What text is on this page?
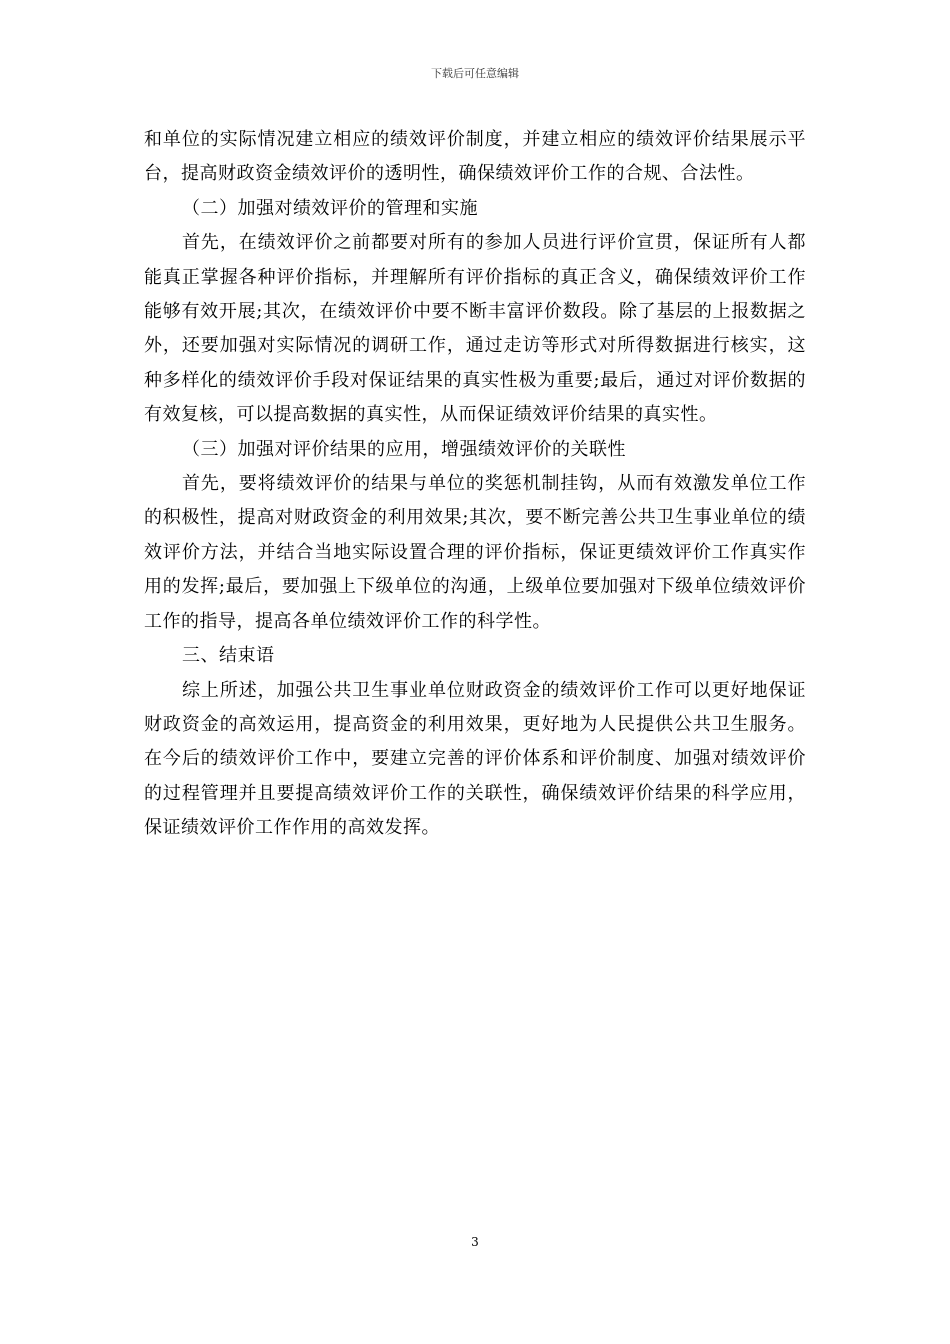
下载后可任意编辑

和单位的实际情况建立相应的绩效评价制度，并建立相应的绩效评价结果展示平台，提高财政资金绩效评价的透明性，确保绩效评价工作的合规、合法性。

（二）加强对绩效评价的管理和实施

首先，在绩效评价之前都要对所有的参加人员进行评价宣贯，保证所有人都能真正掌握各种评价指标，并理解所有评价指标的真正含义，确保绩效评价工作能够有效开展;其次，在绩效评价中要不断丰富评价数段。除了基层的上报数据之外，还要加强对实际情况的调研工作，通过走访等形式对所得数据进行核实，这种多样化的绩效评价手段对保证结果的真实性极为重要;最后，通过对评价数据的有效复核，可以提高数据的真实性，从而保证绩效评价结果的真实性。

（三）加强对评价结果的应用，增强绩效评价的关联性

首先，要将绩效评价的结果与单位的奖惩机制挂钩，从而有效激发单位工作的积极性，提高对财政资金的利用效果;其次，要不断完善公共卫生事业单位的绩效评价方法，并结合当地实际设置合理的评价指标，保证更绩效评价工作真实作用的发挥;最后，要加强上下级单位的沟通，上级单位要加强对下级单位绩效评价工作的指导，提高各单位绩效评价工作的科学性。

三、结束语

综上所述，加强公共卫生事业单位财政资金的绩效评价工作可以更好地保证财政资金的高效运用，提高资金的利用效果，更好地为人民提供公共卫生服务。在今后的绩效评价工作中，要建立完善的评价体系和评价制度、加强对绩效评价的过程管理并且要提高绩效评价工作的关联性，确保绩效评价结果的科学应用，保证绩效评价工作作用的高效发挥。

3
